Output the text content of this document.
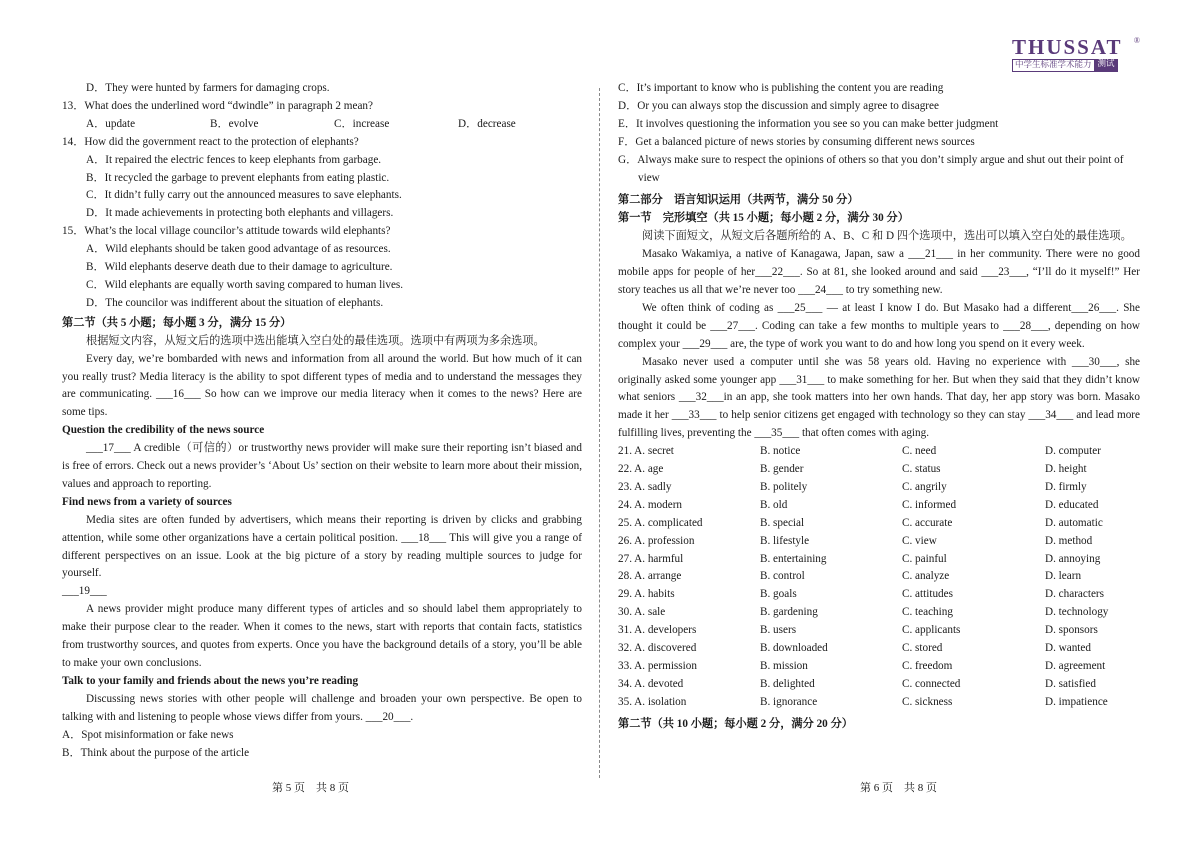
THUSSAT	®
中学生标准学术能力 测试

D．They were hunted by farmers for damaging crops.

13．What does the underlined word “dwindle” in paragraph 2 mean?

A．update	B．evolve	C．increase	D．decrease

14．How did the government react to the protection of elephants?

A．It repaired the electric fences to keep elephants from garbage.

B．It recycled the garbage to prevent elephants from eating plastic.

C．It didn’t fully carry out the announced measures to save elephants.

D．It made achievements in protecting both elephants and villagers.

15．What’s the local village councilor’s attitude towards wild elephants?

A．Wild elephants should be taken good advantage of as resources.

B．Wild elephants deserve death due to their damage to agriculture.

C．Wild elephants are equally worth saving compared to human lives.

D．The councilor was indifferent about the situation of elephants.

第二节（共 5 小题；每小题 3 分，满分 15 分）

根据短文内容，从短文后的选项中选出能填入空白处的最佳选项。选项中有两项为多余选项。

Every day, we’re bombarded with news and information from all around the world. But how much of it can you really trust? Media literacy is the ability to spot different types of media and to understand the messages they are communicating. ___16___ So how can we improve our media literacy when it comes to the news? Here are some tips.

Question the credibility of the news source

___17___ A credible（可信的）or trustworthy news provider will make sure their reporting isn’t biased and is free of errors. Check out a news provider’s ‘About Us’ section on their website to learn more about their mission, values and approach to reporting.

Find news from a variety of sources

Media sites are often funded by advertisers, which means their reporting is driven by clicks and grabbing attention, while some other organizations have a certain political position. ___18___ This will give you a range of different perspectives on an issue. Look at the big picture of a story by reading multiple sources to judge for yourself.

___19___

A news provider might produce many different types of articles and so should label them appropriately to make their purpose clear to the reader. When it comes to the news, start with reports that contain facts, statistics from trustworthy sources, and quotes from experts. Once you have the background details of a story, you’ll be able to make your own conclusions.

Talk to your family and friends about the news you’re reading

Discussing news stories with other people will challenge and broaden your own perspective. Be open to talking with and listening to people whose views differ from yours. ___20___.

A．Spot misinformation or fake news

B．Think about the purpose of the article

C．It’s important to know who is publishing the content you are reading

D．Or you can always stop the discussion and simply agree to disagree

E．It involves questioning the information you see so you can make better judgment

F．Get a balanced picture of news stories by consuming different news sources

G．Always make sure to respect the opinions of others so that you don’t simply argue and shut out their point of view

第二部分　语言知识运用（共两节，满分 50 分）

第一节　完形填空（共 15 小题；每小题 2 分，满分 30 分）

阅读下面短文，从短文后各题所给的 A、B、C 和 D 四个选项中，选出可以填入空白处的最佳选项。

Masako Wakamiya, a native of Kanagawa, Japan, saw a ___21___ in her community. There were no good mobile apps for people of her___22___. So at 81, she looked around and said ___23___, “I’ll do it myself!” Her story teaches us all that we’re never too ___24___ to try something new.

We often think of coding as ___25___ — at least I know I do. But Masako had a different___26___. She thought it could be ___27___. Coding can take a few months to multiple years to ___28___, depending on how complex your ___29___ are, the type of work you want to do and how long you spend on it every week.

Masako never used a computer until she was 58 years old. Having no experience with ___30___, she originally asked some younger app ___31___ to make something for her. But when they said that they didn’t know what seniors ___32___in an app, she took matters into her own hands. That day, her app story was born. Masako made it her ___33___ to help senior citizens get engaged with technology so they can stay ___34___ and lead more fulfilling lives, preventing the ___35___ that often comes with aging.

21. A. secret	B. notice	C. need	D. computer
22. A. age	B. gender	C. status	D. height
23. A. sadly	B. politely	C. angrily	D. firmly
24. A. modern	B. old	C. informed	D. educated
25. A. complicated	B. special	C. accurate	D. automatic
26. A. profession	B. lifestyle	C. view	D. method
27. A. harmful	B. entertaining	C. painful	D. annoying
28. A. arrange	B. control	C. analyze	D. learn
29. A. habits	B. goals	C. attitudes	D. characters
30. A. sale	B. gardening	C. teaching	D. technology
31. A. developers	B. users	C. applicants	D. sponsors
32. A. discovered	B. downloaded	C. stored	D. wanted
33. A. permission	B. mission	C. freedom	D. agreement
34. A. devoted	B. delighted	C. connected	D. satisfied
35. A. isolation	B. ignorance	C. sickness	D. impatience

第二节（共 10 小题；每小题 2 分，满分 20 分）

第 5 页　共 8 页	第 6 页　共 8 页
